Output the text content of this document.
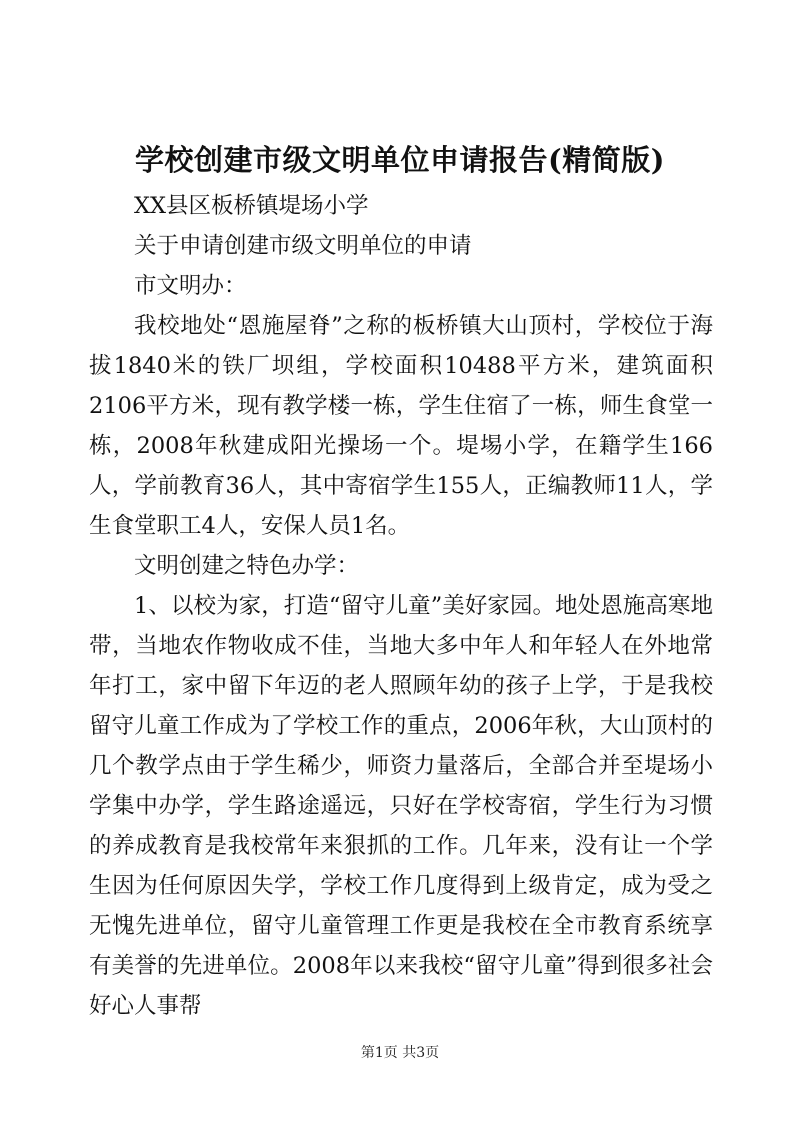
学校创建市级文明单位申请报告(精简版)

XX县区板桥镇堤场小学

关于申请创建市级文明单位的申请

市文明办：

我校地处“恩施屋脊”之称的板桥镇大山顶村，学校位于海拔1840米的铁厂坝组，学校面积10488平方米，建筑面积2106平方米，现有教学楼一栋，学生住宿了一栋，师生食堂一栋，2008年秋建成阳光操场一个。堤埸小学，在籍学生166人，学前教育36人，其中寄宿学生155人，正编教师11人，学生食堂职工4人，安保人员1名。

文明创建之特色办学：

1、以校为家，打造“留守儿童”美好家园。地处恩施高寒地带，当地农作物收成不佳，当地大多中年人和年轻人在外地常年打工，家中留下年迈的老人照顾年幼的孩子上学，于是我校留守儿童工作成为了学校工作的重点，2006年秋，大山顶村的几个教学点由于学生稀少，师资力量落后，全部合并至堤场小学集中办学，学生路途遥远，只好在学校寄宿，学生行为习惯的养成教育是我校常年来狠抓的工作。几年来，没有让一个学生因为任何原因失学，学校工作几度得到上级肯定，成为受之无愧先进单位，留守儿童管理工作更是我校在全市教育系统享有美誉的先进单位。2008年以来我校“留守儿童”得到很多社会好心人事帮

第1页 共3页
